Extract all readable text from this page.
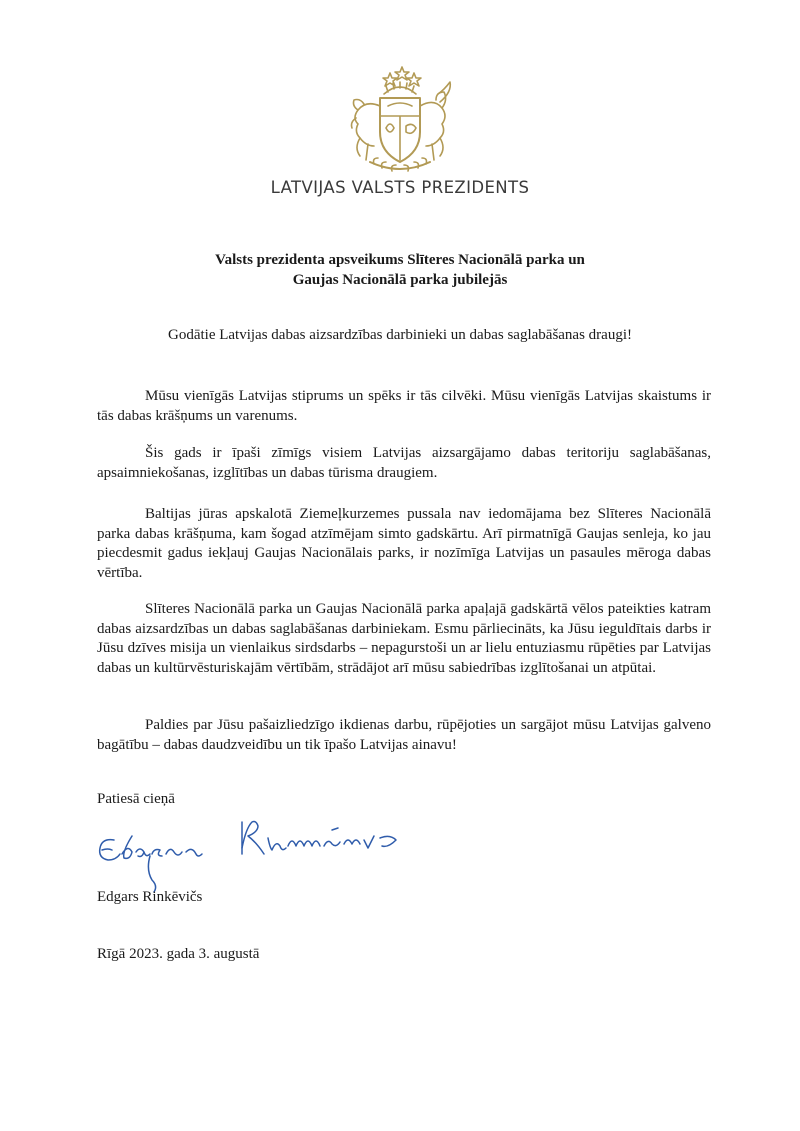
LATVIJAS VALSTS PREZIDENTS
Valsts prezidenta apsveikums Slīteres Nacionālā parka un
Gaujas Nacionālā parka jubilejās
Godātie Latvijas dabas aizsardzības darbinieki un dabas saglabāšanas draugi!
Mūsu vienīgās Latvijas stiprums un spēks ir tās cilvēki. Mūsu vienīgās Latvijas skaistums ir tās dabas krāšņums un varenums.
Šis gads ir īpaši zīmīgs visiem Latvijas aizsargājamo dabas teritoriju saglabāšanas, apsaimniekošanas, izglītības un dabas tūrisma draugiem.
Baltijas jūras apskalotā Ziemeļkurzemes pussala nav iedomājama bez Slīteres Nacionālā parka dabas krāšņuma, kam šogad atzīmējam simto gadskārtu. Arī pirmatnīgā Gaujas senleja, ko jau piecdesmit gadus iekļauj Gaujas Nacionālais parks, ir nozīmīga Latvijas un pasaules mēroga dabas vērtība.
Slīteres Nacionālā parka un Gaujas Nacionālā parka apaļajā gadskārtā vēlos pateikties katram dabas aizsardzības un dabas saglabāšanas darbiniekam. Esmu pārliecināts, ka Jūsu ieguldītais darbs ir Jūsu dzīves misija un vienlaikus sirdsdarbs – nepagurstoši un ar lielu entuziasmu rūpēties par Latvijas dabas un kultūrvēsturiskajām vērtībām, strādājot arī mūsu sabiedrības izglītošanai un atpūtai.
Paldies par Jūsu pašaizliedzīgo ikdienas darbu, rūpējoties un sargājot mūsu Latvijas galveno bagātību – dabas daudzveidību un tik īpašo Latvijas ainavu!
Patiesā cieņā
Edgars Rinkēvičs
Rīgā 2023. gada 3. augustā
